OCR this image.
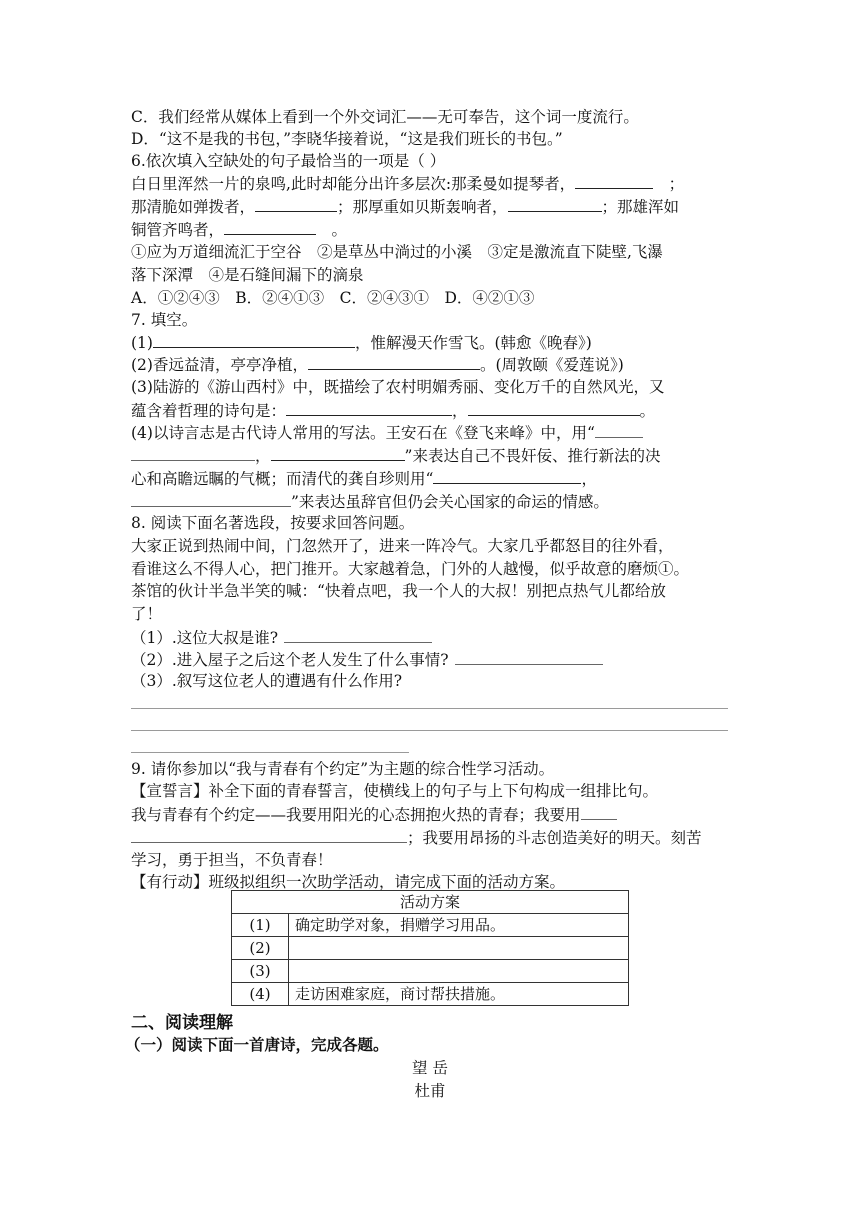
C．我们经常从媒体上看到一个外交词汇——无可奉告，这个词一度流行。
D．“这不是我的书包，”李晓华接着说，“这是我们班长的书包。”
6.依次填入空缺处的句子最恰当的一项是（ ）
白日里浑然一片的泉鸣,此时却能分出许多层次:那柔曼如提琴者，　	；
那清脆如弹拨者，	；那厚重如贝斯轰响者，	；那雄浑如
铜管齐鸣者，　	。
①应为万道细流汇于空谷　②是草丛中淌过的小溪　③定是激流直下陡壁,飞瀑
落下深潭　④是石缝间漏下的滴泉
A．①②④③　B．②④①③　C．②④③①　D．④②①③
7. 填空。
(1)	，惟解漫天作雪飞。(韩愈《晚春》)
(2)香远益清，亭亭净植，	。(周敦颐《爱莲说》)
(3)陆游的《游山西村》中，既描绘了农村明媚秀丽、变化万千的自然风光，又
蕴含着哲理的诗句是：	，	。
(4)以诗言志是古代诗人常用的写法。王安石在《登飞来峰》中，用“
，	”来表达自己不畏奸佞、推行新法的决
心和高瞻远瞩的气概；而清代的龚自珍则用“	，
”来表达虽辞官但仍会关心国家的命运的情感。
8. 阅读下面名著选段，按要求回答问题。
大家正说到热闹中间，门忽然开了，进来一阵冷气。大家几乎都怒目的往外看，
看谁这么不得人心，把门推开。大家越着急，门外的人越慢，似乎故意的磨烦①。
茶馆的伙计半急半笑的喊：“快着点吧，我一个人的大叔！别把点热气儿都给放
了！
（1）.这位大叔是谁?
（2）.进入屋子之后这个老人发生了什么事情?
（3）.叙写这位老人的遭遇有什么作用?
9. 请你参加以“我与青春有个约定”为主题的综合性学习活动。
【宣誓言】补全下面的青春誓言，使横线上的句子与上下句构成一组排比句。
我与青春有个约定——我要用阳光的心态拥抱火热的青春；我要用
；我要用昂扬的斗志创造美好的明天。刻苦
学习，勇于担当，不负青春！
【有行动】班级拟组织一次助学活动，请完成下面的活动方案。
活动方案	
(1)	确定助学对象，捐赠学习用品。
(2)	
(3)	
(4)	走访困难家庭，商讨帮扶措施。
二、阅读理解
（一）阅读下面一首唐诗，完成各题。
望 岳
杜甫
